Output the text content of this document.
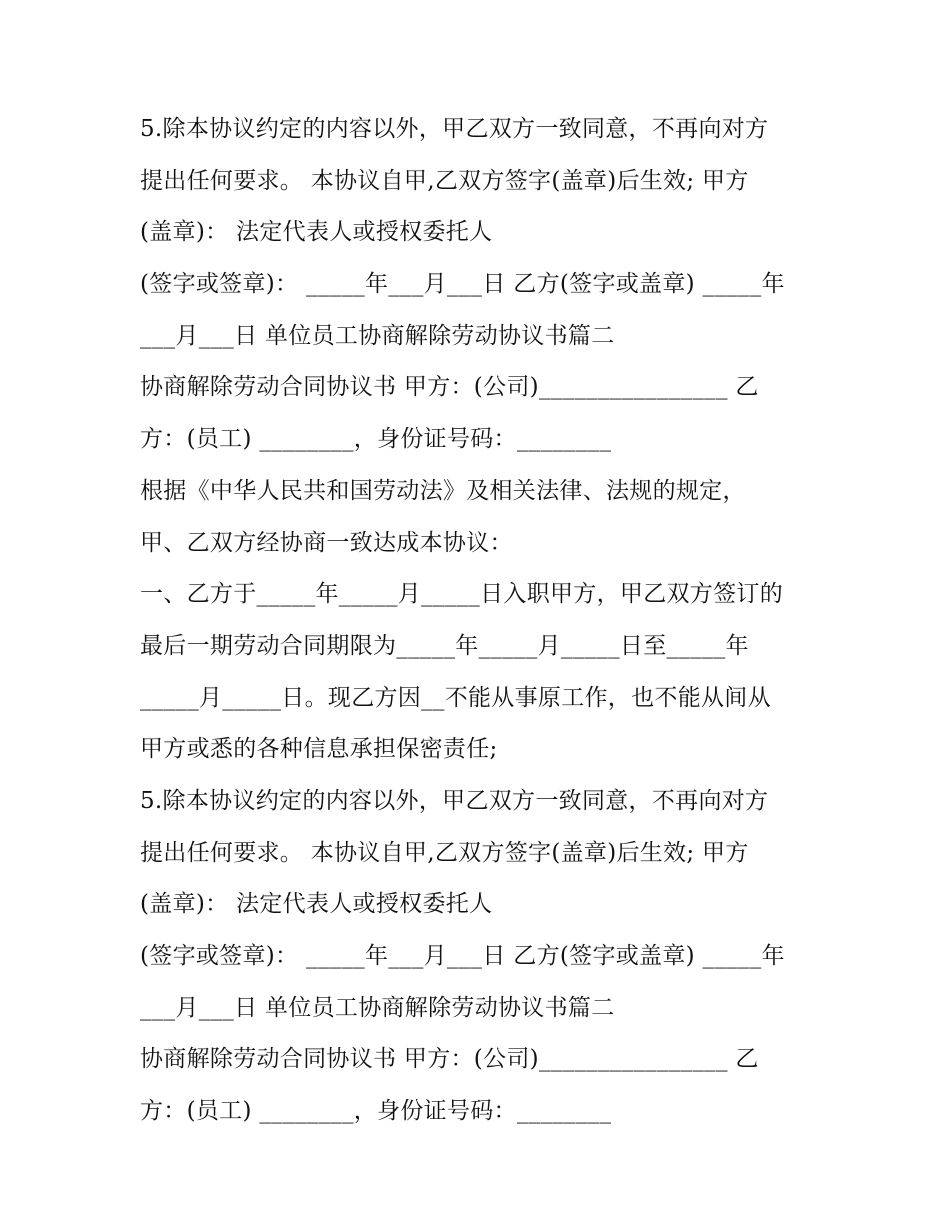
5.除本协议约定的内容以外，甲乙双方一致同意，不再向对方
提出任何要求。 本协议自甲,乙双方签字(盖章)后生效; 甲方
(盖章)： 法定代表人或授权委托人
(签字或签章)： _____年___月___日 乙方(签字或盖章) _____年
___月___日 单位员工协商解除劳动协议书篇二
协商解除劳动合同协议书 甲方：(公司)________________ 乙
方：(员工) ________，身份证号码：________
根据《中华人民共和国劳动法》及相关法律、法规的规定，
甲、乙双方经协商一致达成本协议：
一、乙方于_____年_____月_____日入职甲方，甲乙双方签订的
最后一期劳动合同期限为_____年_____月_____日至_____年
_____月_____日。现乙方因__不能从事原工作，也不能从间从
甲方或悉的各种信息承担保密责任;
5.除本协议约定的内容以外，甲乙双方一致同意，不再向对方
提出任何要求。 本协议自甲,乙双方签字(盖章)后生效; 甲方
(盖章)： 法定代表人或授权委托人
(签字或签章)： _____年___月___日 乙方(签字或盖章) _____年
___月___日 单位员工协商解除劳动协议书篇二
协商解除劳动合同协议书 甲方：(公司)________________ 乙
方：(员工) ________，身份证号码：________
